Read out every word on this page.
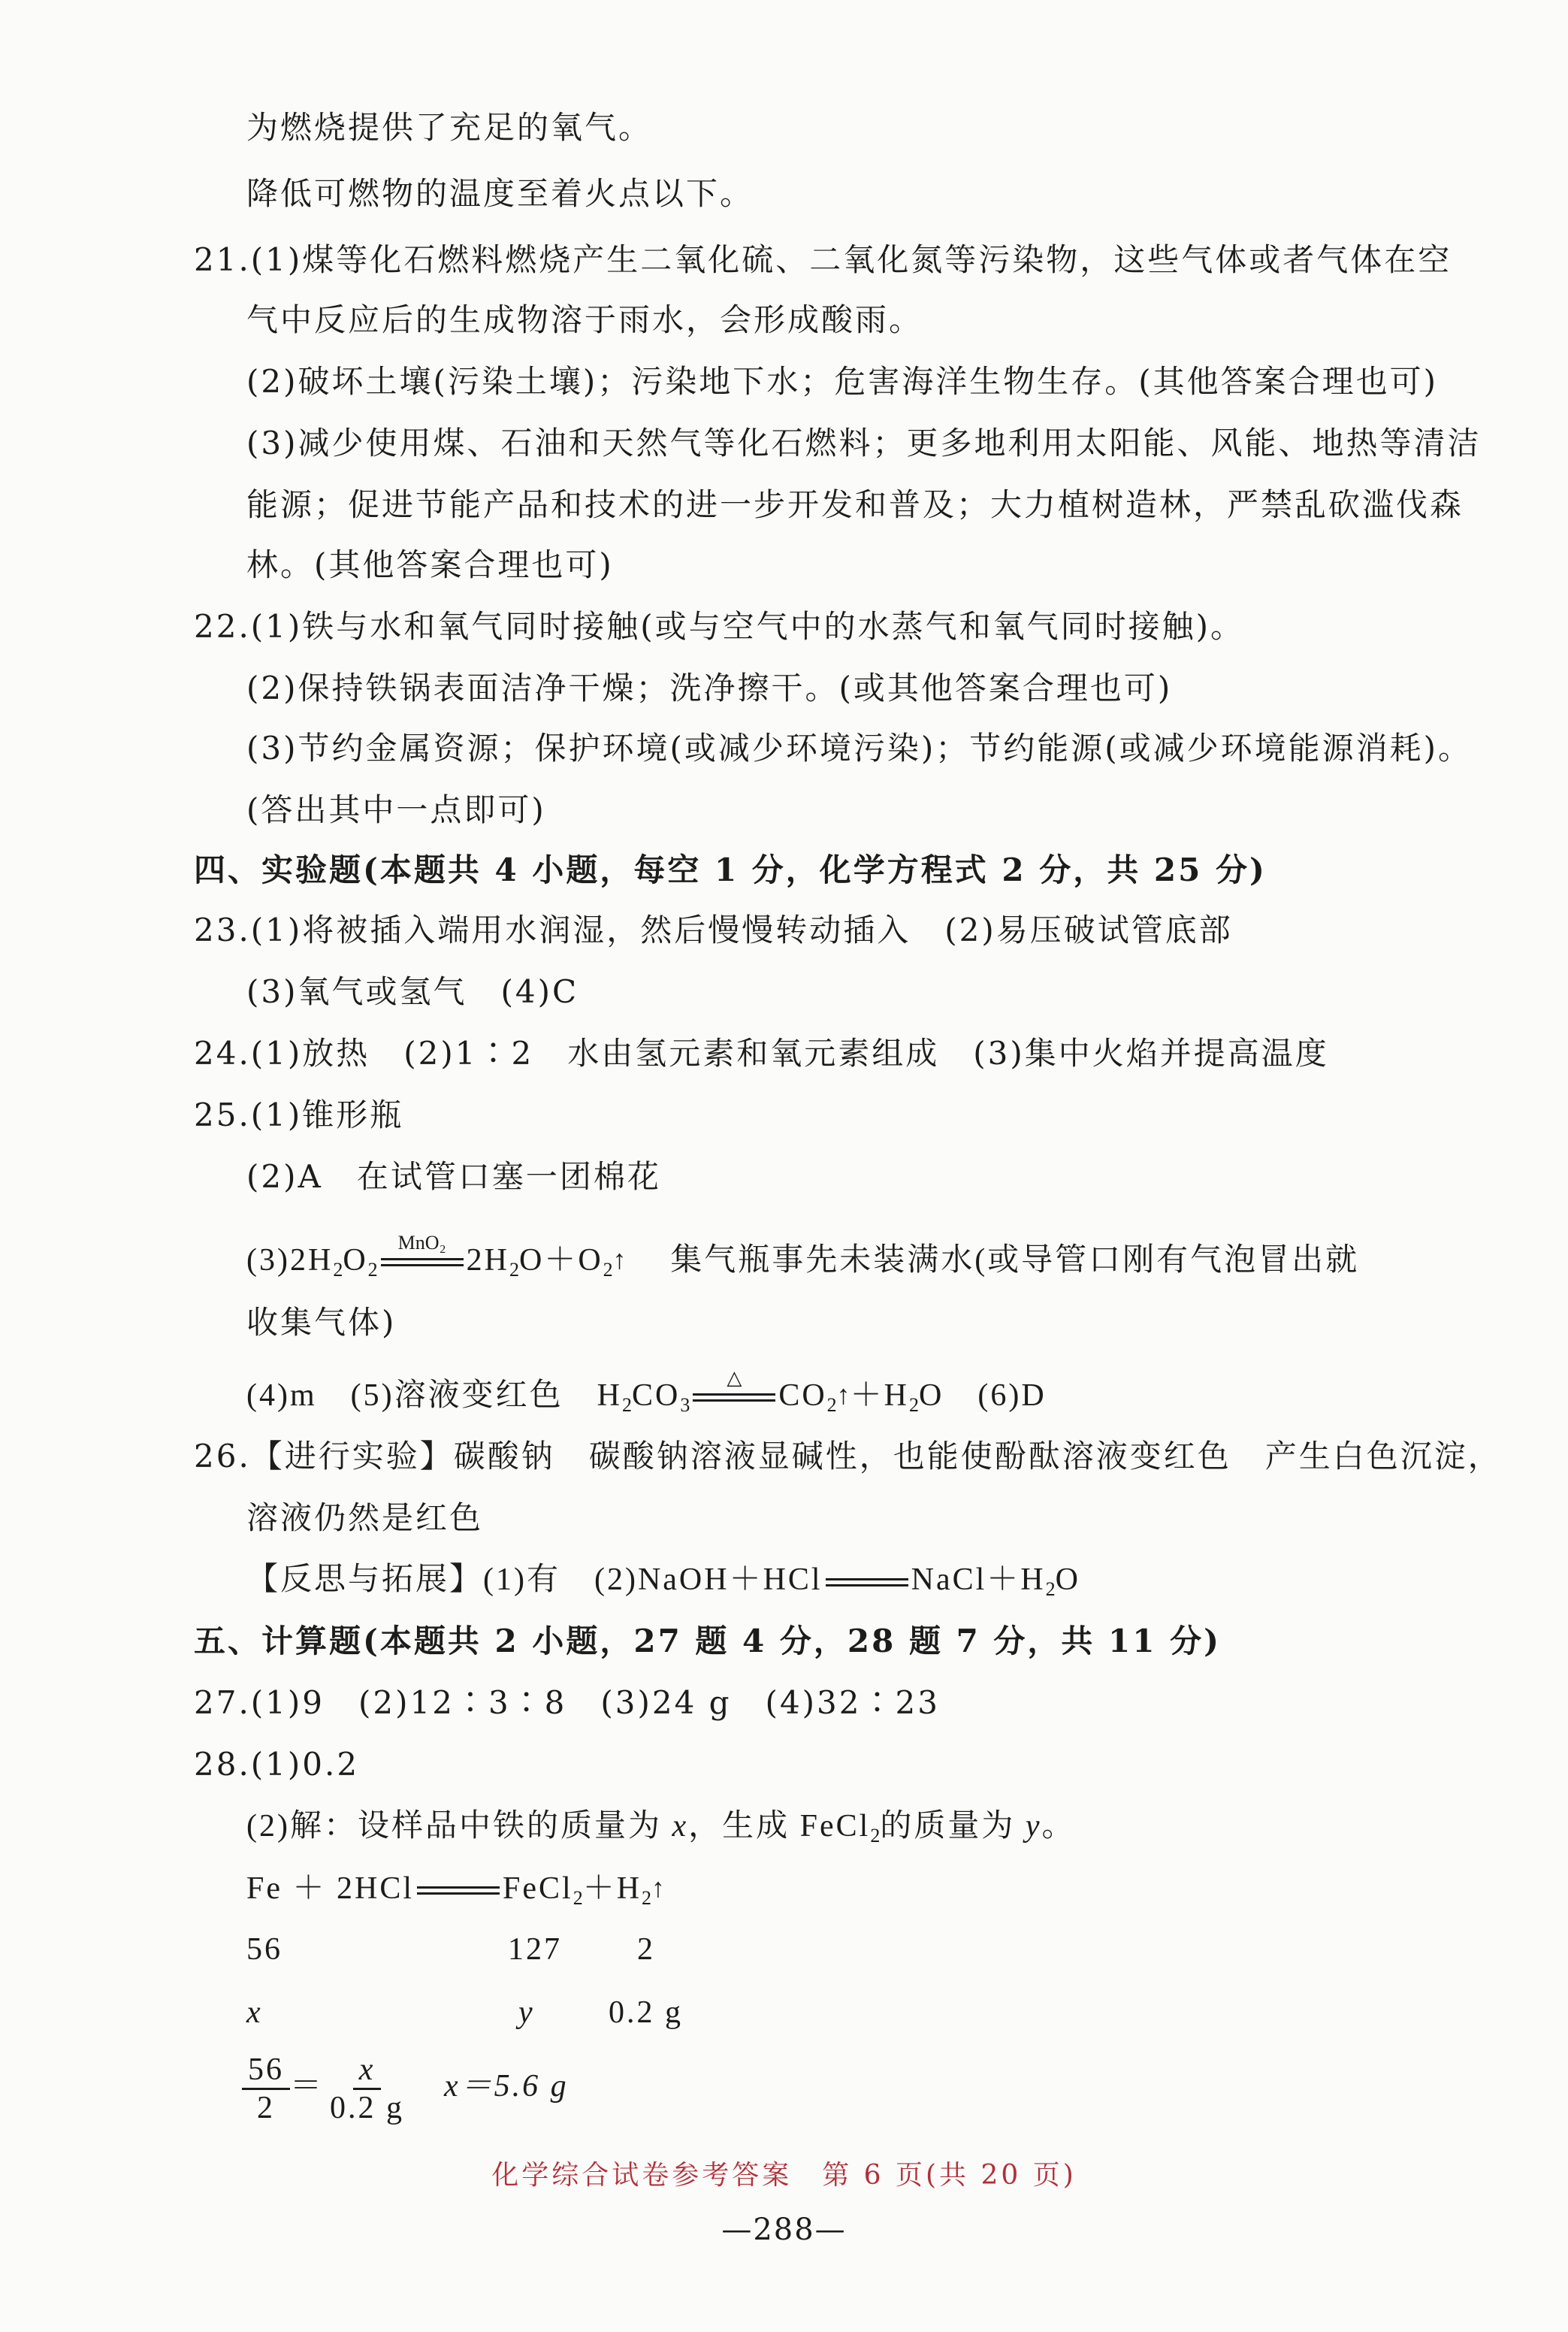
为燃烧提供了充足的氧气。
降低可燃物的温度至着火点以下。
21.(1)煤等化石燃料燃烧产生二氧化硫、二氧化氮等污染物，这些气体或者气体在空
气中反应后的生成物溶于雨水，会形成酸雨。
(2)破坏土壤(污染土壤)；污染地下水；危害海洋生物生存。(其他答案合理也可)
(3)减少使用煤、石油和天然气等化石燃料；更多地利用太阳能、风能、地热等清洁
能源；促进节能产品和技术的进一步开发和普及；大力植树造林，严禁乱砍滥伐森
林。(其他答案合理也可)
22.(1)铁与水和氧气同时接触(或与空气中的水蒸气和氧气同时接触)。
(2)保持铁锅表面洁净干燥；洗净擦干。(或其他答案合理也可)
(3)节约金属资源；保护环境(或减少环境污染)；节约能源(或减少环境能源消耗)。
(答出其中一点即可)
四、实验题(本题共 4 小题，每空 1 分，化学方程式 2 分，共 25 分)
23.(1)将被插入端用水润湿，然后慢慢转动插入　(2)易压破试管底部
(3)氧气或氢气　(4)C
24.(1)放热　(2)1∶2　水由氢元素和氧元素组成　(3)集中火焰并提高温度
25.(1)锥形瓶
(2)A　在试管口塞一团棉花
$(3)2H_2O_2$
MnO₂
$2H_2O+O_2↑$　 集气瓶事先未装满水(或导管口刚有气泡冒出就
收集气体)
(4)m　(5)溶液变红色　$H_2CO_3$
△
$CO_2↑+H_2O$　(6)D
26.【进行实验】碳酸钠　碳酸钠溶液显碱性，也能使酚酞溶液变红色　产生白色沉淀，
溶液仍然是红色
【反思与拓展】(1)有　(2)NaOH＋HCl	$NaCl+H_2O$
五、计算题(本题共 2 小题，27 题 4 分，28 题 7 分，共 11 分)
27.(1)9　(2)12∶3∶8　(3)24 g　(4)32∶23
28.(1)0.2
(2)解：设样品中铁的质量为 x，生成 FeCl$_2$的质量为 y。
Fe ＋ 2HCl	$FeCl_2+H_2↑$
56	127 2
x	y 0.2 g
$\frac{56}{2} = \frac{x}{0.2 g}$
　 x＝5.6 g
化学综合试卷参考答案　第 6 页(共 20 页)
—288—
